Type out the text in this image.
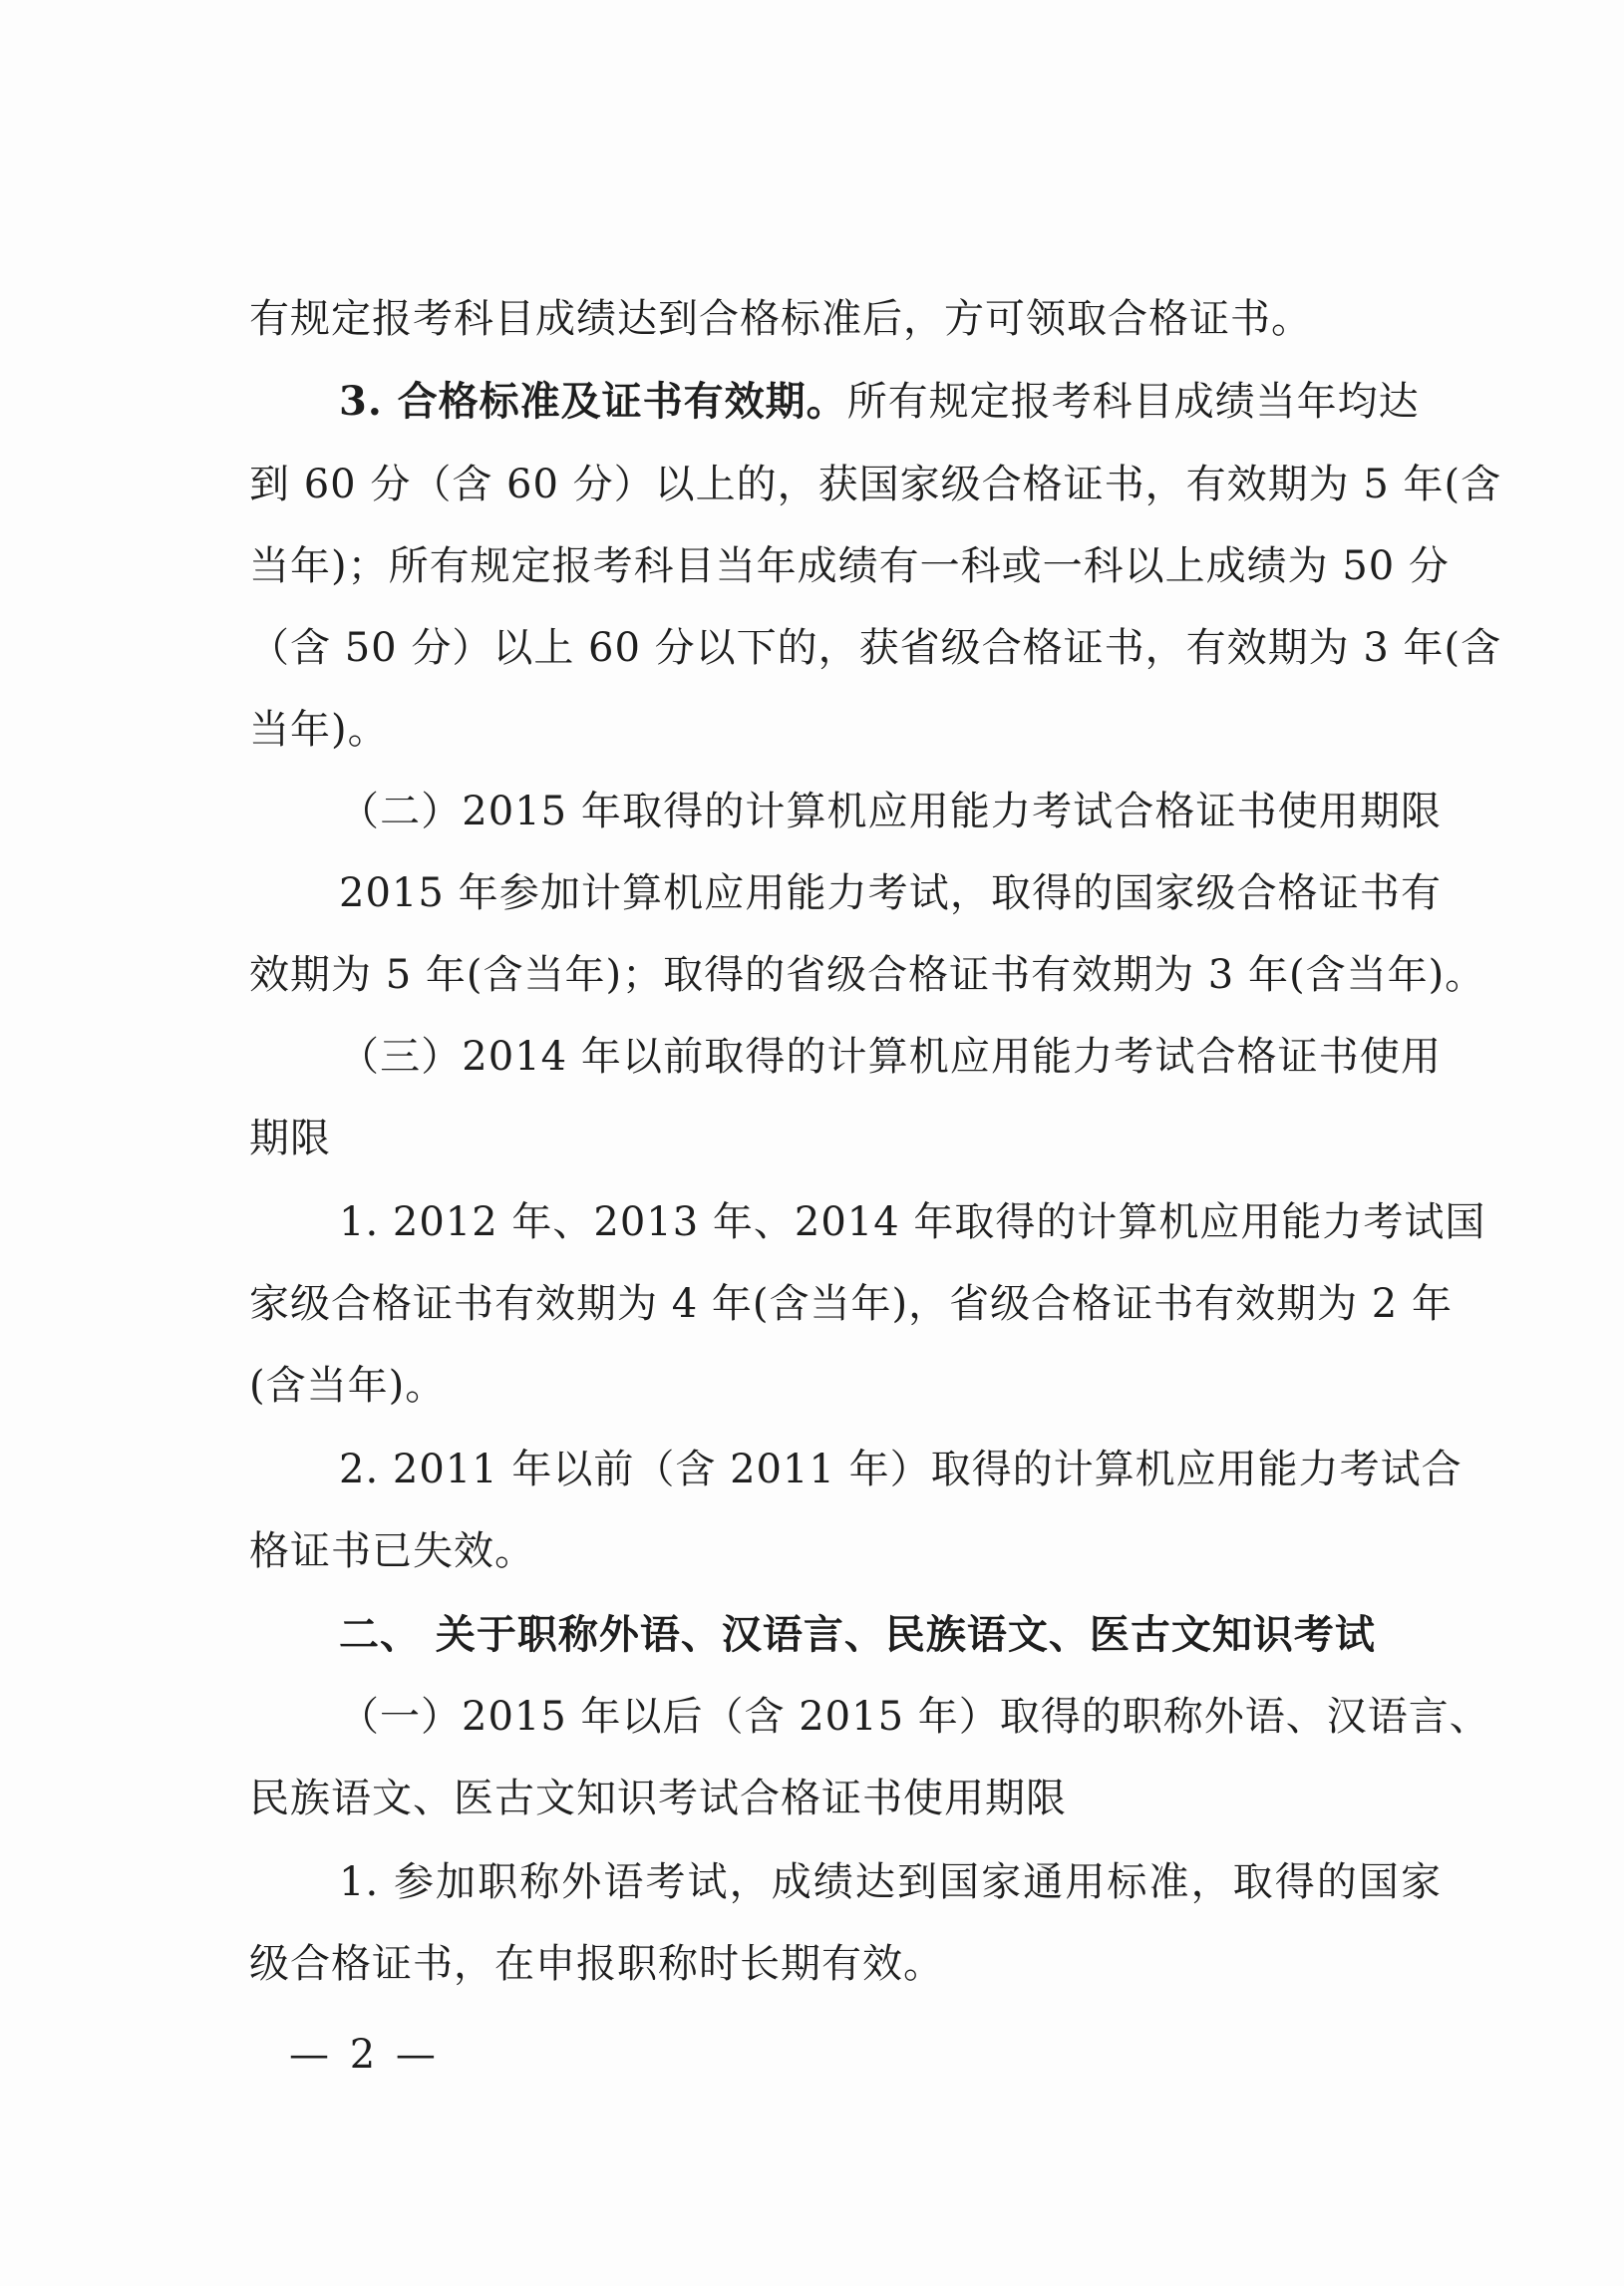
有规定报考科目成绩达到合格标准后，方可领取合格证书。
3. 合格标准及证书有效期。所有规定报考科目成绩当年均达
到 60 分（含 60 分）以上的，获国家级合格证书，有效期为 5 年(含
当年)；所有规定报考科目当年成绩有一科或一科以上成绩为 50 分
（含 50 分）以上 60 分以下的，获省级合格证书，有效期为 3 年(含
当年)。
（二）2015 年取得的计算机应用能力考试合格证书使用期限
2015 年参加计算机应用能力考试，取得的国家级合格证书有
效期为 5 年(含当年)；取得的省级合格证书有效期为 3 年(含当年)。
（三）2014 年以前取得的计算机应用能力考试合格证书使用
期限
1. 2012 年、2013 年、2014 年取得的计算机应用能力考试国
家级合格证书有效期为 4 年(含当年)，省级合格证书有效期为 2 年
(含当年)。
2. 2011 年以前（含 2011 年）取得的计算机应用能力考试合
格证书已失效。
二、 关于职称外语、汉语言、民族语文、医古文知识考试
（一）2015 年以后（含 2015 年）取得的职称外语、汉语言、
民族语文、医古文知识考试合格证书使用期限
1. 参加职称外语考试，成绩达到国家通用标准，取得的国家
级合格证书，在申报职称时长期有效。
— 2 —
